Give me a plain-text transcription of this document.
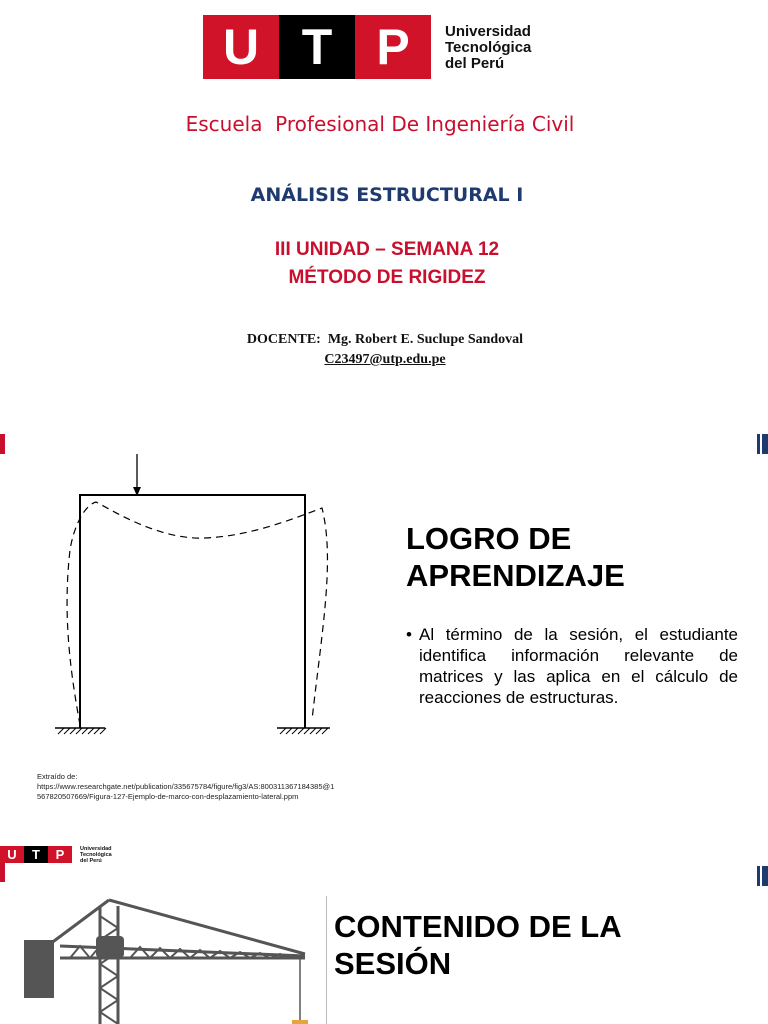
U T P	Universidad
Tecnológica
del Perú
Escuela  Profesional De Ingeniería Civil
ANÁLISIS ESTRUCTURAL I
III UNIDAD – SEMANA 12
MÉTODO DE RIGIDEZ
DOCENTE:  Mg. Robert E. Suclupe Sandoval
C23497@utp.edu.pe
LOGRO DE
APRENDIZAJE
• Al término de la sesión, el estudiante identifica información relevante de matrices y las aplica en el cálculo de reacciones de estructuras.
Extraído de:
https://www.researchgate.net/publication/335675784/figure/fig3/AS:800311367184385@1
567820507669/Figura-127-Ejemplo-de-marco-con-desplazamiento-lateral.ppm
U	T	P	Universidad
Tecnológica
del Perú
CONTENIDO DE LA
SESIÓN
